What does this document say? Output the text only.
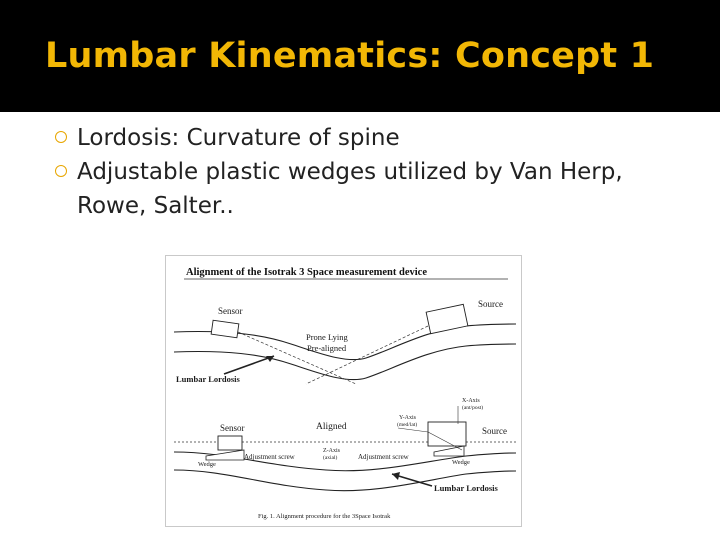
Lumbar Kinematics: Concept 1
Lordosis: Curvature of spine
Adjustable plastic wedges utilized by Van Herp, Rowe, Salter..
Alignment of the Isotrak 3 Space measurement device
Sensor
Source
Prone Lying
Pre-aligned
Lumbar Lordosis
Sensor	Aligned	Source
X-Axis
(ant/post)
Y-Axis
(med/lat)
Z-Axis
(axial)
Adjustment screw	Adjustment screw
Wedge	Wedge
Lumbar Lordosis
Fig. 1. Alignment procedure for the 3Space Isotrak
